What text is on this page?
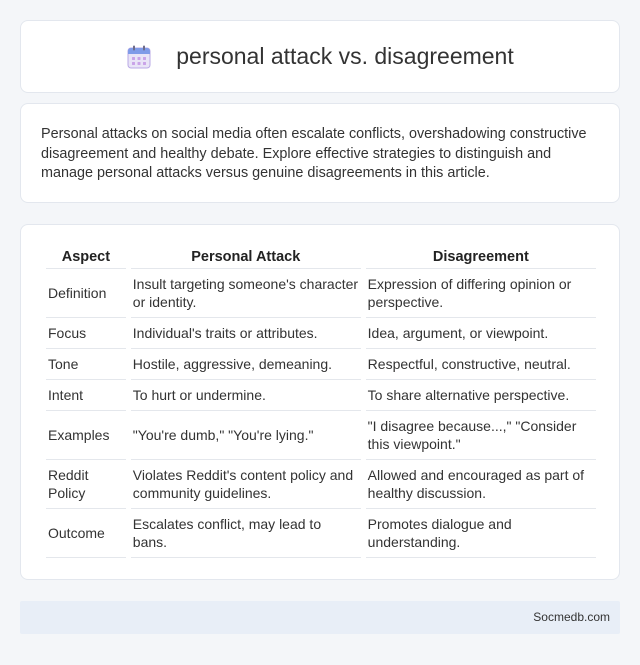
personal attack vs. disagreement

Personal attacks on social media often escalate conflicts, overshadowing constructive disagreement and healthy debate. Explore effective strategies to distinguish and manage personal attacks versus genuine disagreements in this article.

Aspect	Personal Attack	Disagreement
Definition	Insult targeting someone's character or identity.	Expression of differing opinion or perspective.
Focus	Individual's traits or attributes.	Idea, argument, or viewpoint.
Tone	Hostile, aggressive, demeaning.	Respectful, constructive, neutral.
Intent	To hurt or undermine.	To share alternative perspective.
Examples	"You're dumb," "You're lying."	"I disagree because...," "Consider this viewpoint."
Reddit Policy	Violates Reddit's content policy and community guidelines.	Allowed and encouraged as part of healthy discussion.
Outcome	Escalates conflict, may lead to bans.	Promotes dialogue and understanding.
Socmedb.com
